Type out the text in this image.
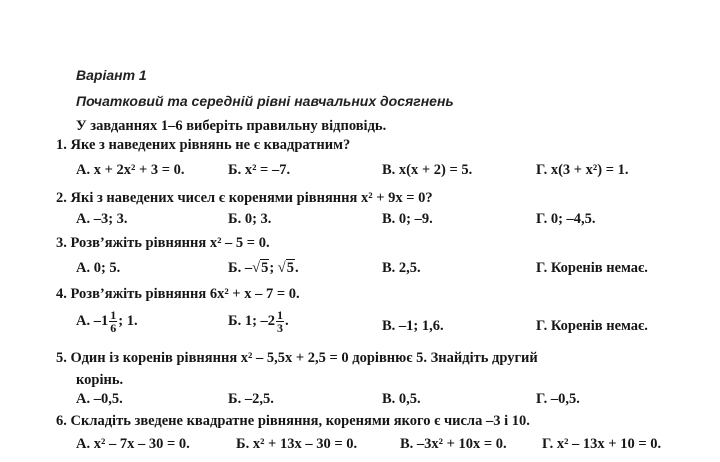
Варіант 1
Початковий та середній рівні навчальних досягнень
У завданнях 1–6 виберіть правильну відповідь.
1. Яке з наведених рівнянь не є квадратним?
А. x + 2x² + 3 = 0.	Б. x² = –7.	В. x(x + 2) = 5.	Г. x(3 + x²) = 1.
2. Які з наведених чисел є коренями рівняння x² + 9x = 0?
А. –3; 3.	Б. 0; 3.	В. 0; –9.	Г. 0; –4,5.
3. Розв’яжіть рівняння x² – 5 = 0.
А. 0; 5.	Б. –√5; √5.	В. 2,5.	Г. Коренів немає.
4. Розв’яжіть рівняння 6x² + x – 7 = 0.
А. $-1 \frac{1}{6}$ ; 1.	Б. 1; $-2 \frac{1}{3}$ .	В. –1; 1,6.	Г. Коренів немає.
5. Один із коренів рівняння x² – 5,5x + 2,5 = 0 дорівнює 5. Знайдіть другий
корінь.
А. –0,5.	Б. –2,5.	В. 0,5.	Г. –0,5.
6. Складіть зведене квадратне рівняння, коренями якого є числа –3 і 10.
А. x² – 7x – 30 = 0.	Б. x² + 13x – 30 = 0.	В. –3x² + 10x = 0. Г. x² – 13x + 10 = 0.
